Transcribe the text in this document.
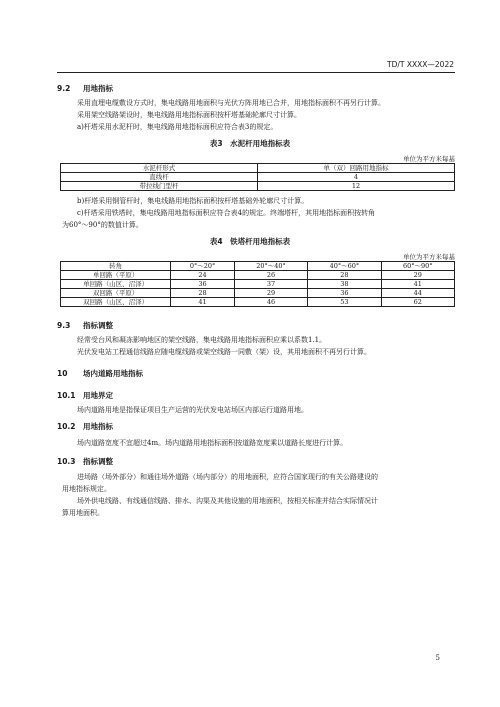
TD/T XXXX—2022
9.2 用地指标
采用直埋电缆敷设方式时，集电线路用地面积与光伏方阵用地已合并，用地指标面积不再另行计算。
采用架空线路架设时，集电线路用地指标面积按杆塔基础轮廓尺寸计算。
a)杆塔采用水泥杆时，集电线路用地指标面积应符合表3的规定。
表3　水泥杆用地指标表
单位为平方米每基
水泥杆形式	单（双）回路用地指标
直线杆	4
带拉线门型杆	12
b)杆塔采用钢管杆时，集电线路用地指标面积按杆塔基础外轮廓尺寸计算。
c)杆塔采用铁塔时，集电线路用地指标面积应符合表4的规定。终端塔杆，其用地指标面积按转角
为60°～90°的数值计算。
表4　铁塔杆用地指标表
单位为平方米每基
转角	0°～20°	20°～40°	40°～60°	60°～90°
单回路（平原）	24	26	28	29
单回路（山区、沼泽）	36	37	38	41
双回路（平原）	28	29	36	44
双回路（山区、沼泽）	41	46	53	62
9.3 指标调整
经常受台风和凝冻影响地区的架空线路，集电线路用地指标面积应乘以系数1.1。
光伏发电站工程通信线路应随电缆线路或架空线路一同敷（架）设，其用地面积不再另行计算。
10 场内道路用地指标
10.1 用地界定
场内道路用地是指保证项目生产运营的光伏发电站场区内部运行道路用地。
10.2 用地指标
场内道路宽度不宜超过4m。场内道路用地指标面积按道路宽度乘以道路长度进行计算。
10.3 指标调整
进场路（场外部分）和通往场外道路（场内部分）的用地面积，应符合国家现行的有关公路建设的
用地指标规定。
场外供电线路、有线通信线路、排水、沟渠及其他设施的用地面积，按相关标准并结合实际情况计
算用地面积。
5
